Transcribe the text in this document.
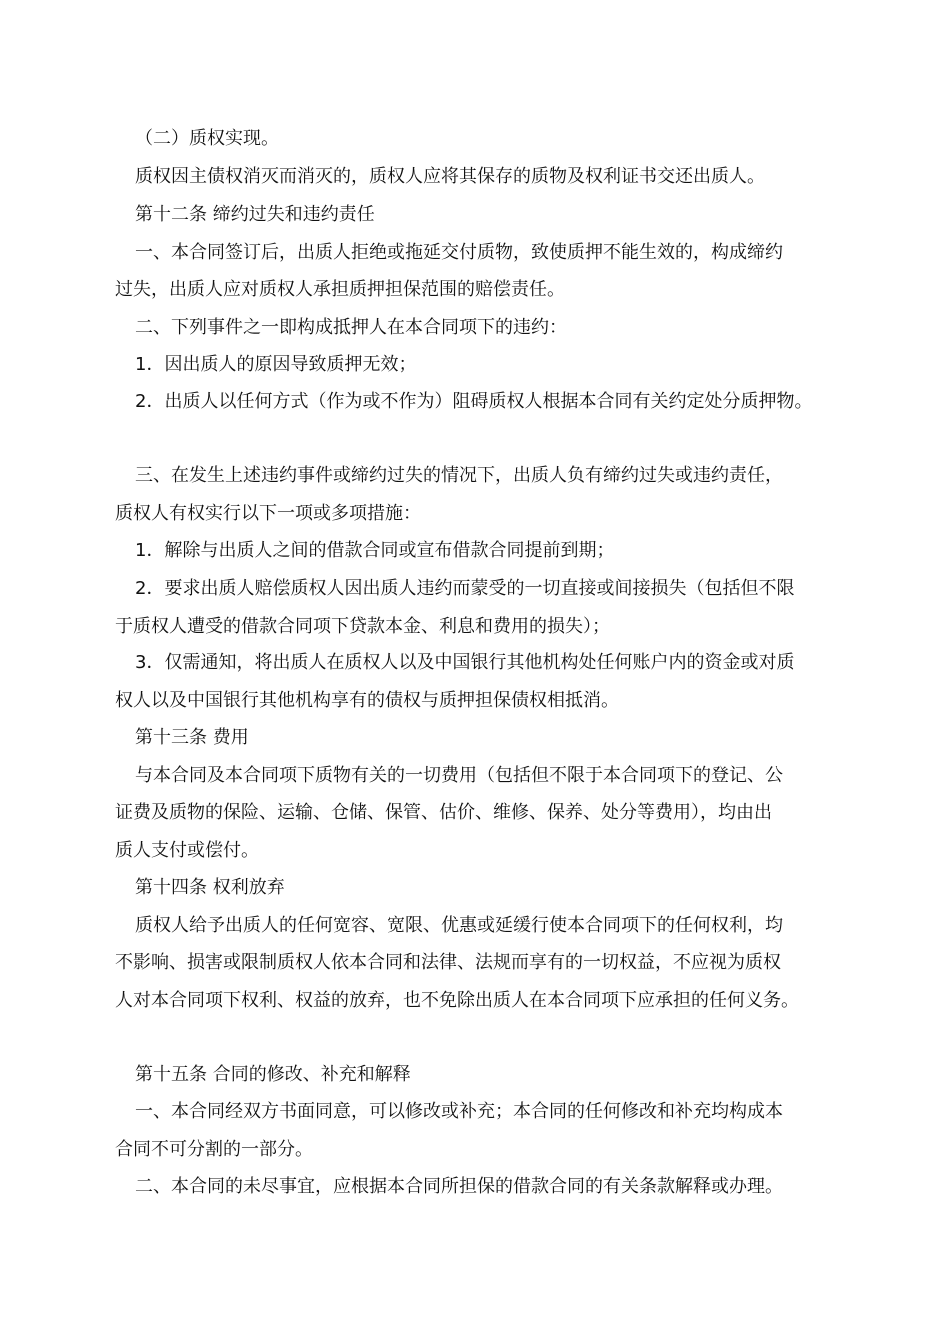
（二）质权实现。
质权因主债权消灭而消灭的，质权人应将其保存的质物及权利证书交还出质人。
第十二条 缔约过失和违约责任
一、本合同签订后，出质人拒绝或拖延交付质物，致使质押不能生效的，构成缔约
过失，出质人应对质权人承担质押担保范围的赔偿责任。
二、下列事件之一即构成抵押人在本合同项下的违约：
1．因出质人的原因导致质押无效；
2．出质人以任何方式（作为或不作为）阻碍质权人根据本合同有关约定处分质押物。
三、在发生上述违约事件或缔约过失的情况下，出质人负有缔约过失或违约责任，
质权人有权实行以下一项或多项措施：
1．解除与出质人之间的借款合同或宣布借款合同提前到期；
2．要求出质人赔偿质权人因出质人违约而蒙受的一切直接或间接损失（包括但不限
于质权人遭受的借款合同项下贷款本金、利息和费用的损失）；
3．仅需通知，将出质人在质权人以及中国银行其他机构处任何账户内的资金或对质
权人以及中国银行其他机构享有的债权与质押担保债权相抵消。
第十三条 费用
与本合同及本合同项下质物有关的一切费用（包括但不限于本合同项下的登记、公
证费及质物的保险、运输、仓储、保管、估价、维修、保养、处分等费用），均由出
质人支付或偿付。
第十四条 权利放弃
质权人给予出质人的任何宽容、宽限、优惠或延缓行使本合同项下的任何权利，均
不影响、损害或限制质权人依本合同和法律、法规而享有的一切权益，不应视为质权
人对本合同项下权利、权益的放弃，也不免除出质人在本合同项下应承担的任何义务。
第十五条 合同的修改、补充和解释
一、本合同经双方书面同意，可以修改或补充；本合同的任何修改和补充均构成本
合同不可分割的一部分。
二、本合同的未尽事宜，应根据本合同所担保的借款合同的有关条款解释或办理。
